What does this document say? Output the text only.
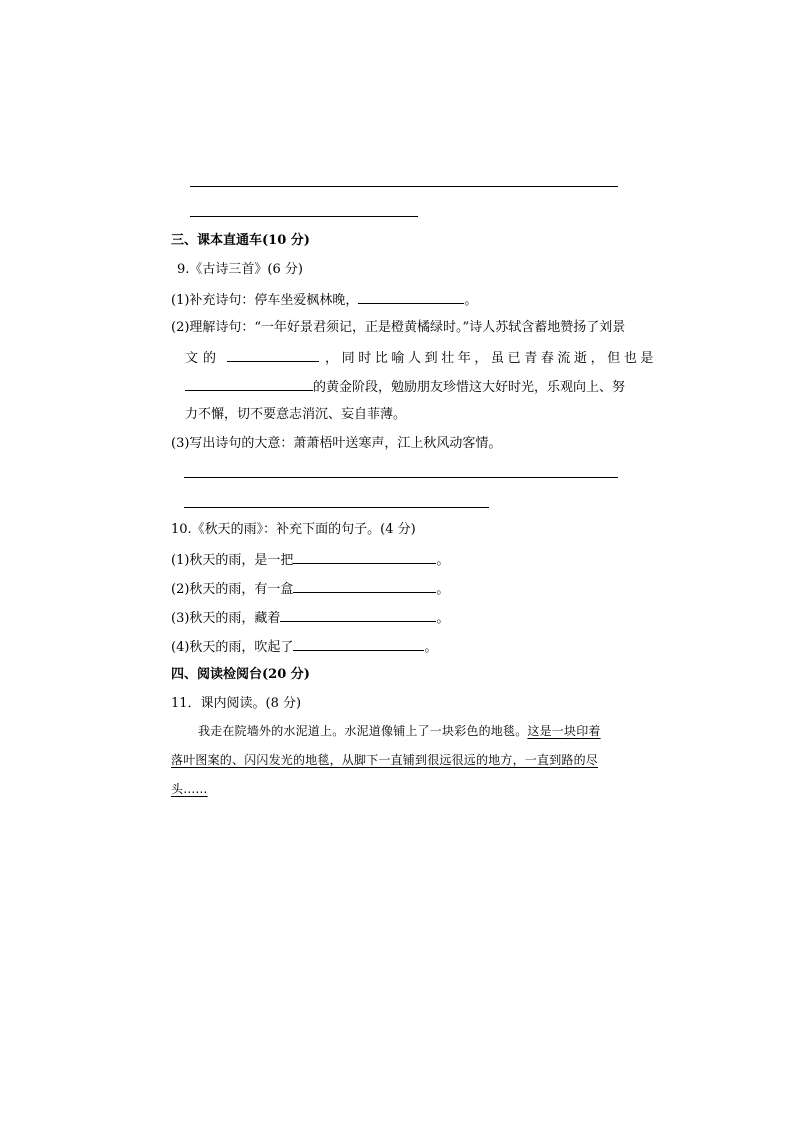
三、课本直通车(10 分)
9.《古诗三首》(6 分)
(1)补充诗句：停车坐爱枫林晚，	。
(2)理解诗句：“一年好景君须记，正是橙黄橘绿时。”诗人苏轼含蓄地赞扬了刘景
文的	，同时比喻人到壮年，虽已青春流逝，但也是
的黄金阶段，勉励朋友珍惜这大好时光，乐观向上、努
力不懈，切不要意志消沉、妄自菲薄。
(3)写出诗句的大意：萧萧梧叶送寒声，江上秋风动客情。
10.《秋天的雨》：补充下面的句子。(4 分)
(1)秋天的雨，是一把	。
(2)秋天的雨，有一盒	。
(3)秋天的雨，藏着	。
(4)秋天的雨，吹起了	。
四、阅读检阅台(20 分)
11．课内阅读。(8 分)
我走在院墙外的水泥道上。水泥道像铺上了一块彩色的地毯。这是一块印着
落叶图案的、闪闪发光的地毯，从脚下一直铺到很远很远的地方，一直到路的尽
头……
